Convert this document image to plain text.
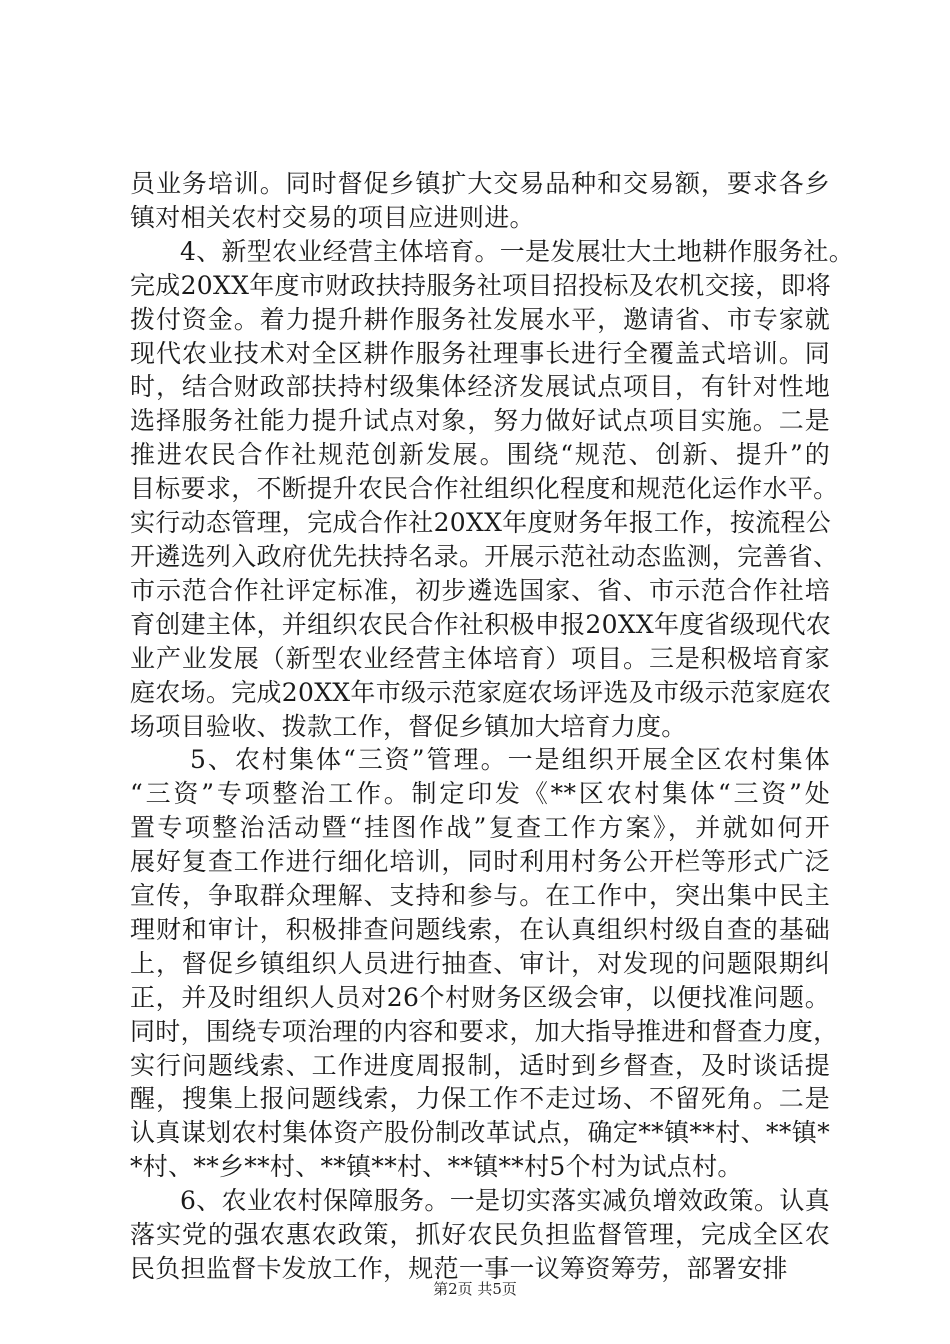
员业务培训。同时督促乡镇扩大交易品种和交易额，要求各乡
镇对相关农村交易的项目应进则进。
4、新型农业经营主体培育。一是发展壮大土地耕作服务社。
完成20XX年度市财政扶持服务社项目招投标及农机交接，即将
拨付资金。着力提升耕作服务社发展水平，邀请省、市专家就
现代农业技术对全区耕作服务社理事长进行全覆盖式培训。同
时，结合财政部扶持村级集体经济发展试点项目，有针对性地
选择服务社能力提升试点对象，努力做好试点项目实施。二是
推进农民合作社规范创新发展。围绕“规范、创新、提升”的
目标要求，不断提升农民合作社组织化程度和规范化运作水平。
实行动态管理，完成合作社20XX年度财务年报工作，按流程公
开遴选列入政府优先扶持名录。开展示范社动态监测，完善省、
市示范合作社评定标准，初步遴选国家、省、市示范合作社培
育创建主体，并组织农民合作社积极申报20XX年度省级现代农
业产业发展（新型农业经营主体培育）项目。三是积极培育家
庭农场。完成20XX年市级示范家庭农场评选及市级示范家庭农
场项目验收、拨款工作，督促乡镇加大培育力度。
5、农村集体“三资”管理。一是组织开展全区农村集体
“三资”专项整治工作。制定印发《**区农村集体“三资”处
置专项整治活动暨“挂图作战”复查工作方案》，并就如何开
展好复查工作进行细化培训，同时利用村务公开栏等形式广泛
宣传，争取群众理解、支持和参与。在工作中，突出集中民主
理财和审计，积极排查问题线索，在认真组织村级自查的基础
上，督促乡镇组织人员进行抽查、审计，对发现的问题限期纠
正，并及时组织人员对26个村财务区级会审，以便找准问题。
同时，围绕专项治理的内容和要求，加大指导推进和督查力度，
实行问题线索、工作进度周报制，适时到乡督查，及时谈话提
醒，搜集上报问题线索，力保工作不走过场、不留死角。二是
认真谋划农村集体资产股份制改革试点，确定**镇**村、**镇*
*村、**乡**村、**镇**村、**镇**村5个村为试点村。
6、农业农村保障服务。一是切实落实减负增效政策。认真
落实党的强农惠农政策，抓好农民负担监督管理，完成全区农
民负担监督卡发放工作，规范一事一议筹资筹劳，部署安排
第2页 共5页
